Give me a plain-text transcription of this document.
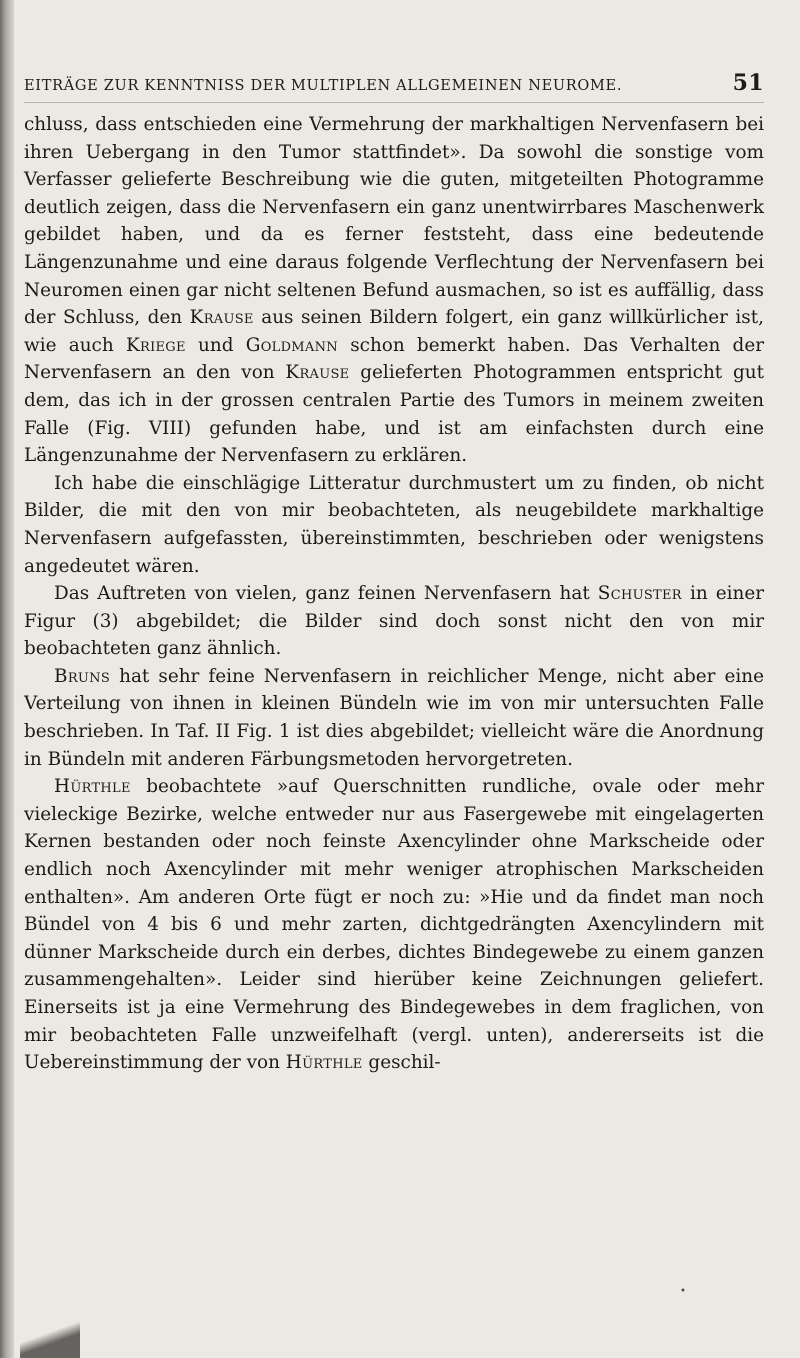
EITRÄGE ZUR KENNTNISS DER MULTIPLEN ALLGEMEINEN NEUROME.	51

chluss, dass entschieden eine Vermehrung der markhaltigen Nervenfasern bei ihren Uebergang in den Tumor stattfindet». Da sowohl die sonstige vom Verfasser gelieferte Beschreibung wie die guten, mitgeteilten Photogramme deutlich zeigen, dass die Nervenfasern ein ganz unentwirrbares Maschenwerk gebildet haben, und da es ferner feststeht, dass eine bedeutende Längenzunahme und eine daraus folgende Verflechtung der Nervenfasern bei Neuromen einen gar nicht seltenen Befund ausmachen, so ist es auffällig, dass der Schluss, den Krause aus seinen Bildern folgert, ein ganz willkürlicher ist, wie auch Kriege und Goldmann schon bemerkt haben. Das Verhalten der Nervenfasern an den von Krause gelieferten Photogrammen entspricht gut dem, das ich in der grossen centralen Partie des Tumors in meinem zweiten Falle (Fig. VIII) gefunden habe, und ist am einfachsten durch eine Längenzunahme der Nervenfasern zu erklären.

Ich habe die einschlägige Litteratur durchmustert um zu finden, ob nicht Bilder, die mit den von mir beobachteten, als neugebildete markhaltige Nervenfasern aufgefassten, übereinstimmten, beschrieben oder wenigstens angedeutet wären.

Das Auftreten von vielen, ganz feinen Nervenfasern hat Schuster in einer Figur (3) abgebildet; die Bilder sind doch sonst nicht den von mir beobachteten ganz ähnlich.

Bruns hat sehr feine Nervenfasern in reichlicher Menge, nicht aber eine Verteilung von ihnen in kleinen Bündeln wie im von mir untersuchten Falle beschrieben. In Taf. II Fig. 1 ist dies abgebildet; vielleicht wäre die Anordnung in Bündeln mit anderen Färbungsmetoden hervorgetreten.

Hürthle beobachtete »auf Querschnitten rundliche, ovale oder mehr vieleckige Bezirke, welche entweder nur aus Fasergewebe mit eingelagerten Kernen bestanden oder noch feinste Axencylinder ohne Markscheide oder endlich noch Axencylinder mit mehr weniger atrophischen Markscheiden enthalten». Am anderen Orte fügt er noch zu: »Hie und da findet man noch Bündel von 4 bis 6 und mehr zarten, dichtgedrängten Axencylindern mit dünner Markscheide durch ein derbes, dichtes Bindegewebe zu einem ganzen zusammengehalten». Leider sind hierüber keine Zeichnungen geliefert. Einerseits ist ja eine Vermehrung des Bindegewebes in dem fraglichen, von mir beobachteten Falle unzweifelhaft (vergl. unten), andererseits ist die Uebereinstimmung der von Hürthle geschil-

•
